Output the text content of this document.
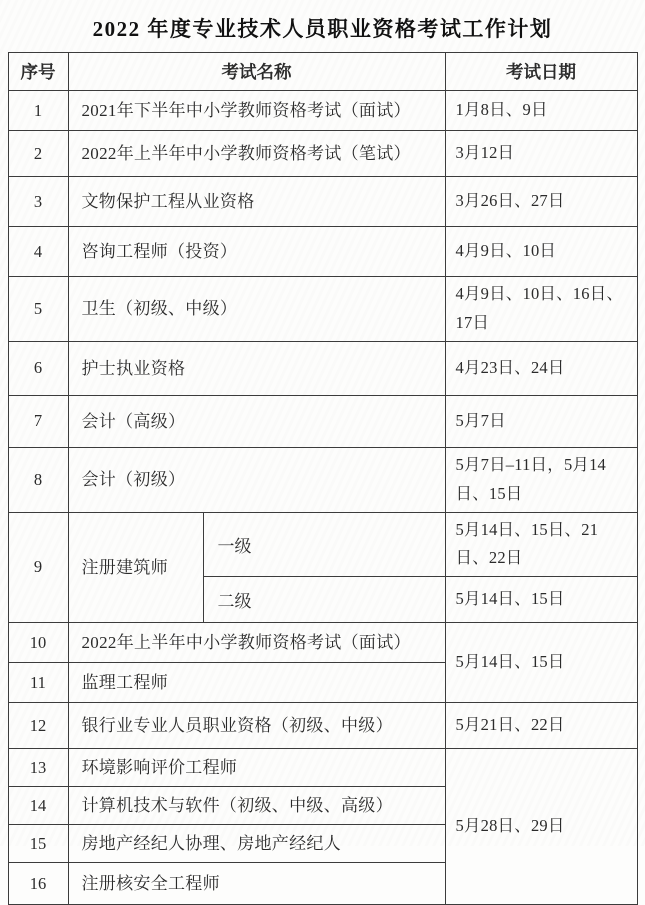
2022 年度专业技术人员职业资格考试工作计划
序号	考试名称		考试日期
1	2021年下半年中小学教师资格考试（面试）		1月8日、9日
2	2022年上半年中小学教师资格考试（笔试）		3月12日
3	文物保护工程从业资格		3月26日、27日
4	咨询工程师（投资）		4月9日、10日
5	卫生（初级、中级）		4月9日、10日、16日、17日
6	护士执业资格		4月23日、24日
7	会计（高级）		5月7日
8	会计（初级）		5月7日–11日，5月14日、15日
9	注册建筑师	一级	5月14日、15日、21日、22日
		二级	5月14日、15日
10	2022年上半年中小学教师资格考试（面试）		5月14日、15日
11	监理工程师		
12	银行业专业人员职业资格（初级、中级）		5月21日、22日
13	环境影响评价工程师		5月28日、29日
14	计算机技术与软件（初级、中级、高级）		
15	房地产经纪人协理、房地产经纪人		
16	注册核安全工程师		
